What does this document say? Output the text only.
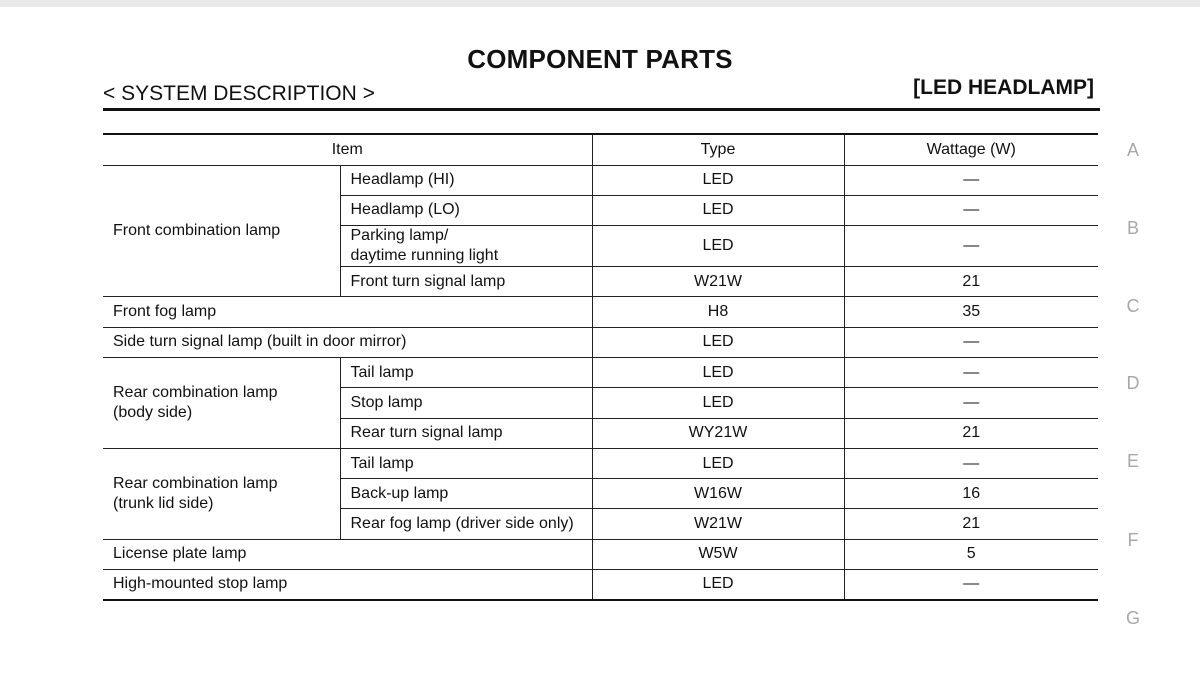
COMPONENT PARTS
< SYSTEM DESCRIPTION >	[LED HEADLAMP]
Item		Type	Wattage (W)
Front combination lamp	Headlamp (HI)	LED	—
	Headlamp (LO)	LED	—
	Parking lamp/
daytime running light	LED	—
	Front turn signal lamp	W21W	21
Front fog lamp		H8	35
Side turn signal lamp (built in door mirror)		LED	—
Rear combination lamp
(body side)	Tail lamp	LED	—
	Stop lamp	LED	—
	Rear turn signal lamp	WY21W	21
Rear combination lamp
(trunk lid side)	Tail lamp	LED	—
	Back-up lamp	W16W	16
	Rear fog lamp (driver side only)	W21W	21
License plate lamp		W5W	5
High-mounted stop lamp		LED	—
A
B
C
D
E
F
G
